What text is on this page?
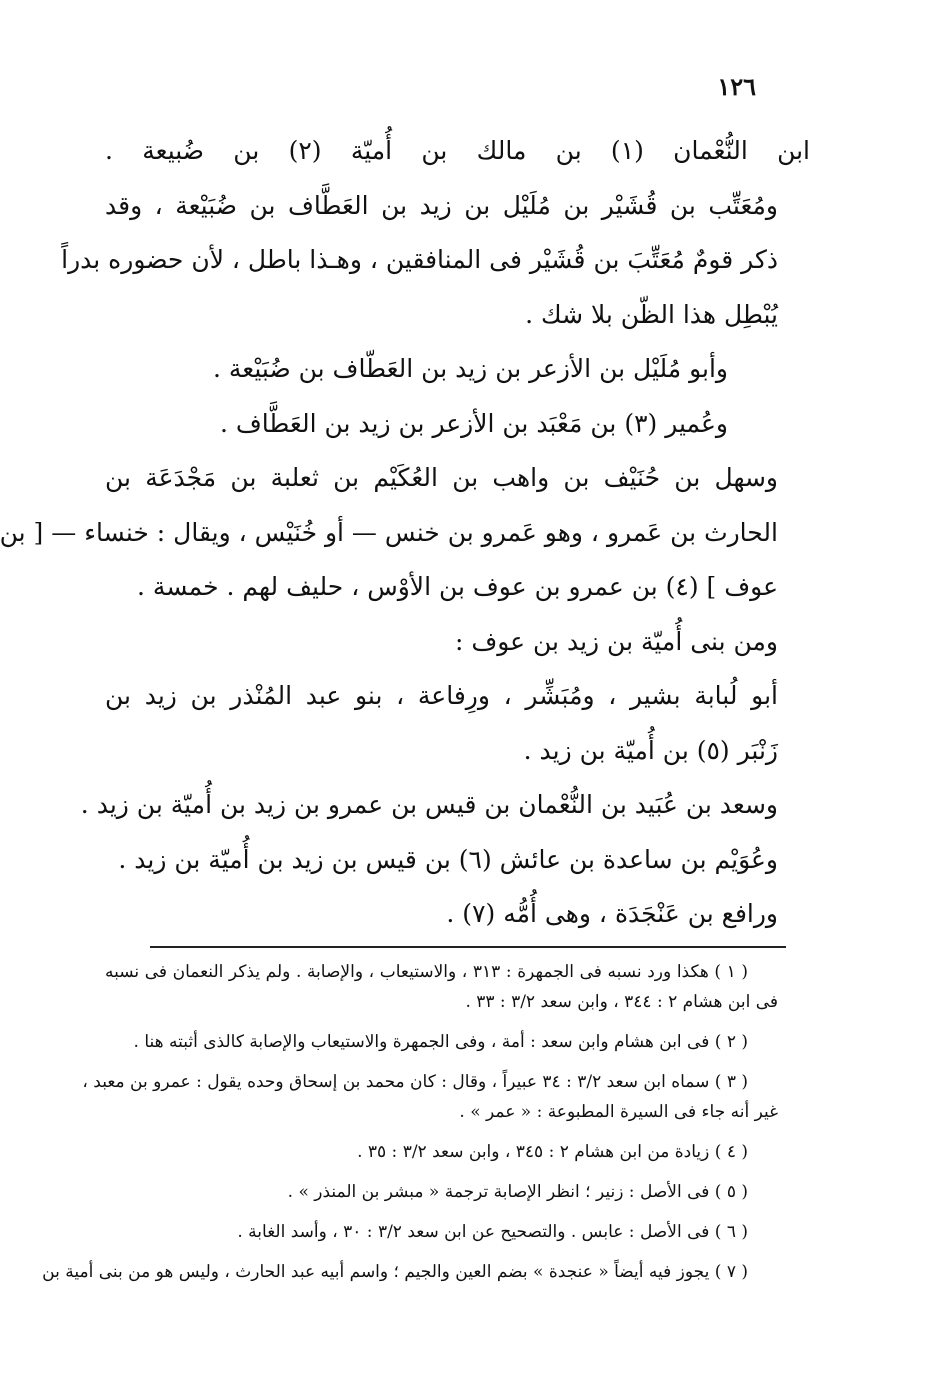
١٢٦
ابن النُّعْمان (١) بن مالك بن أُميّة (٢) بن ضُبيعة .
ومُعَتِّب بن قُشَيْر بن مُلَيْل بن زيد بن العَطَّاف بن ضُبَيْعة ، وقد
ذكر قومٌ مُعَتِّبَ بن قُشَيْر فى المنافقين ، وهـذا باطل ، لأن حضوره بدراً
يُبْطِل هذا الظّن بلا شك .
وأبو مُلَيْل بن الأزعر بن زيد بن العَطّاف بن ضُبَيْعة .
وعُمير (٣) بن مَعْبَد بن الأزعر بن زيد بن العَطَّاف .
وسهل بن حُنَيْف بن واهب بن العُكَيْم بن ثعلبة بن مَجْدَعَة بن
الحارث بن عَمرو ، وهو عَمرو بن خنس — أو خُنَيْس ، ويقال : خنساء — [ بن
عوف ] (٤) بن عمرو بن عوف بن الأوْس ، حليف لهم . خمسة .
ومن بنى أُميّة بن زيد بن عوف :
أبو لُبابة بشير ، ومُبَشِّر ، ورِفاعة ، بنو عبد المُنْذر بن زيد بن
زَنْبَر (٥) بن أُميّة بن زيد .
وسعد بن عُبَيد بن النُّعْمان بن قيس بن عمرو بن زيد بن أُميّة بن زيد .
وعُوَيْم بن ساعدة بن عائش (٦) بن قيس بن زيد بن أُميّة بن زيد .
ورافع بن عَنْجَدَة ، وهى أُمُّه (٧) .
( ١ ) هكذا ورد نسبه فى الجمهرة : ٣١٣ ، والاستيعاب ، والإصابة . ولم يذكر النعمان فى نسبه
فى ابن هشام ٢ : ٣٤٤ ، وابن سعد ٣/٢ : ٣٣ .
( ٢ ) فى ابن هشام وابن سعد : أمة ، وفى الجمهرة والاستيعاب والإصابة كالذى أثبته هنا .
( ٣ ) سماه ابن سعد ٣/٢ : ٣٤ عبيراً ، وقال : كان محمد بن إسحاق وحده يقول : عمرو بن معبد ،
غير أنه جاء فى السيرة المطبوعة : « عمر » .
( ٤ ) زيادة من ابن هشام ٢ : ٣٤٥ ، وابن سعد ٣/٢ : ٣٥ .
( ٥ ) فى الأصل : زنير ؛ انظر الإصابة ترجمة « مبشر بن المنذر » .
( ٦ ) فى الأصل : عابس . والتصحيح عن ابن سعد ٣/٢ : ٣٠ ، وأسد الغابة .
( ٧ ) يجوز فيه أيضاً « عنجدة » بضم العين والجيم ؛ واسم أبيه عبد الحارث ، وليس هو من بنى أمية بن
